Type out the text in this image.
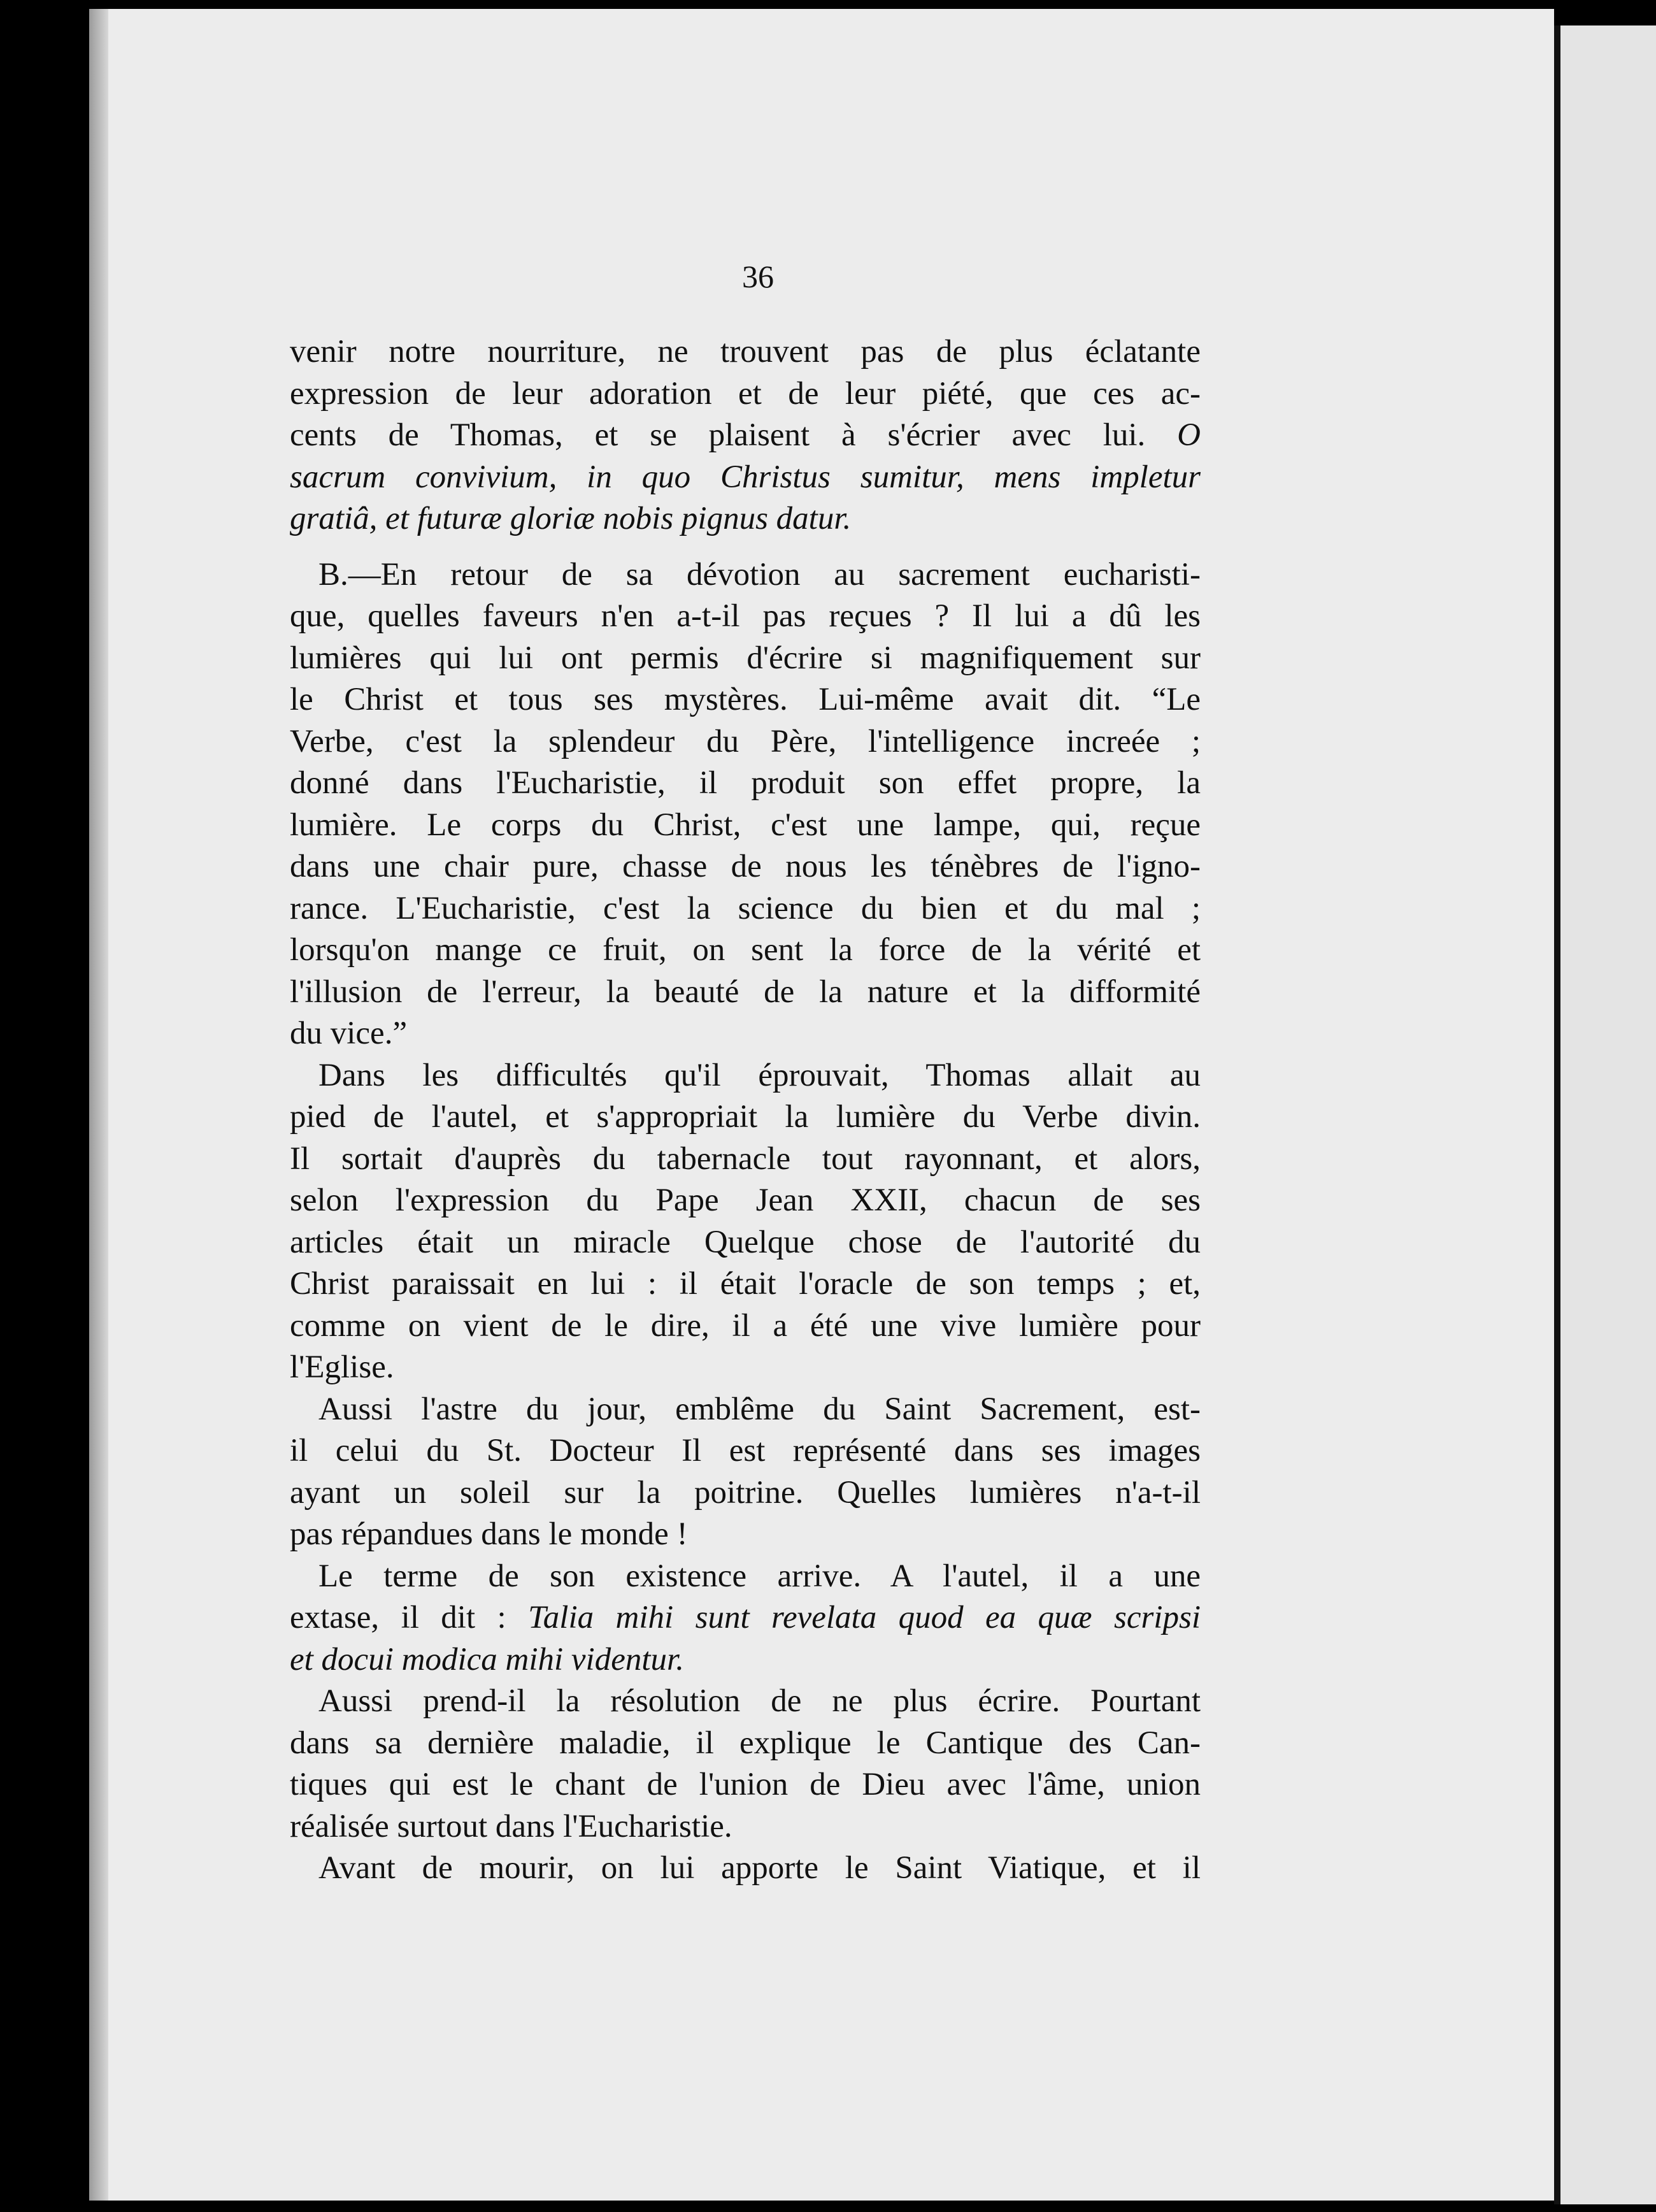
36
venir notre nourriture, ne trouvent pas de plus éclatante
expression de leur adoration et de leur piété, que ces ac-
cents de Thomas, et se plaisent à s'écrier avec lui. O
sacrum convivium, in quo Christus sumitur, mens impletur
gratiâ, et futuræ gloriæ nobis pignus datur.
B.—En retour de sa dévotion au sacrement eucharisti-
que, quelles faveurs n'en a-t-il pas reçues ? Il lui a dû les
lumières qui lui ont permis d'écrire si magnifiquement sur
le Christ et tous ses mystères. Lui-même avait dit. “Le
Verbe, c'est la splendeur du Père, l'intelligence increée ;
donné dans l'Eucharistie, il produit son effet propre, la
lumière. Le corps du Christ, c'est une lampe, qui, reçue
dans une chair pure, chasse de nous les ténèbres de l'igno-
rance. L'Eucharistie, c'est la science du bien et du mal ;
lorsqu'on mange ce fruit, on sent la force de la vérité et
l'illusion de l'erreur, la beauté de la nature et la difformité
du vice.”
Dans les difficultés qu'il éprouvait, Thomas allait au
pied de l'autel, et s'appropriait la lumière du Verbe divin.
Il sortait d'auprès du tabernacle tout rayonnant, et alors,
selon l'expression du Pape Jean XXII, chacun de ses
articles était un miracle Quelque chose de l'autorité du
Christ paraissait en lui : il était l'oracle de son temps ; et,
comme on vient de le dire, il a été une vive lumière pour
l'Eglise.
Aussi l'astre du jour, emblême du Saint Sacrement, est-
il celui du St. Docteur Il est représenté dans ses images
ayant un soleil sur la poitrine. Quelles lumières n'a-t-il
pas répandues dans le monde !
Le terme de son existence arrive. A l'autel, il a une
extase, il dit : Talia mihi sunt revelata quod ea quæ scripsi
et docui modica mihi videntur.
Aussi prend-il la résolution de ne plus écrire. Pourtant
dans sa dernière maladie, il explique le Cantique des Can-
tiques qui est le chant de l'union de Dieu avec l'âme, union
réalisée surtout dans l'Eucharistie.
Avant de mourir, on lui apporte le Saint Viatique, et il
